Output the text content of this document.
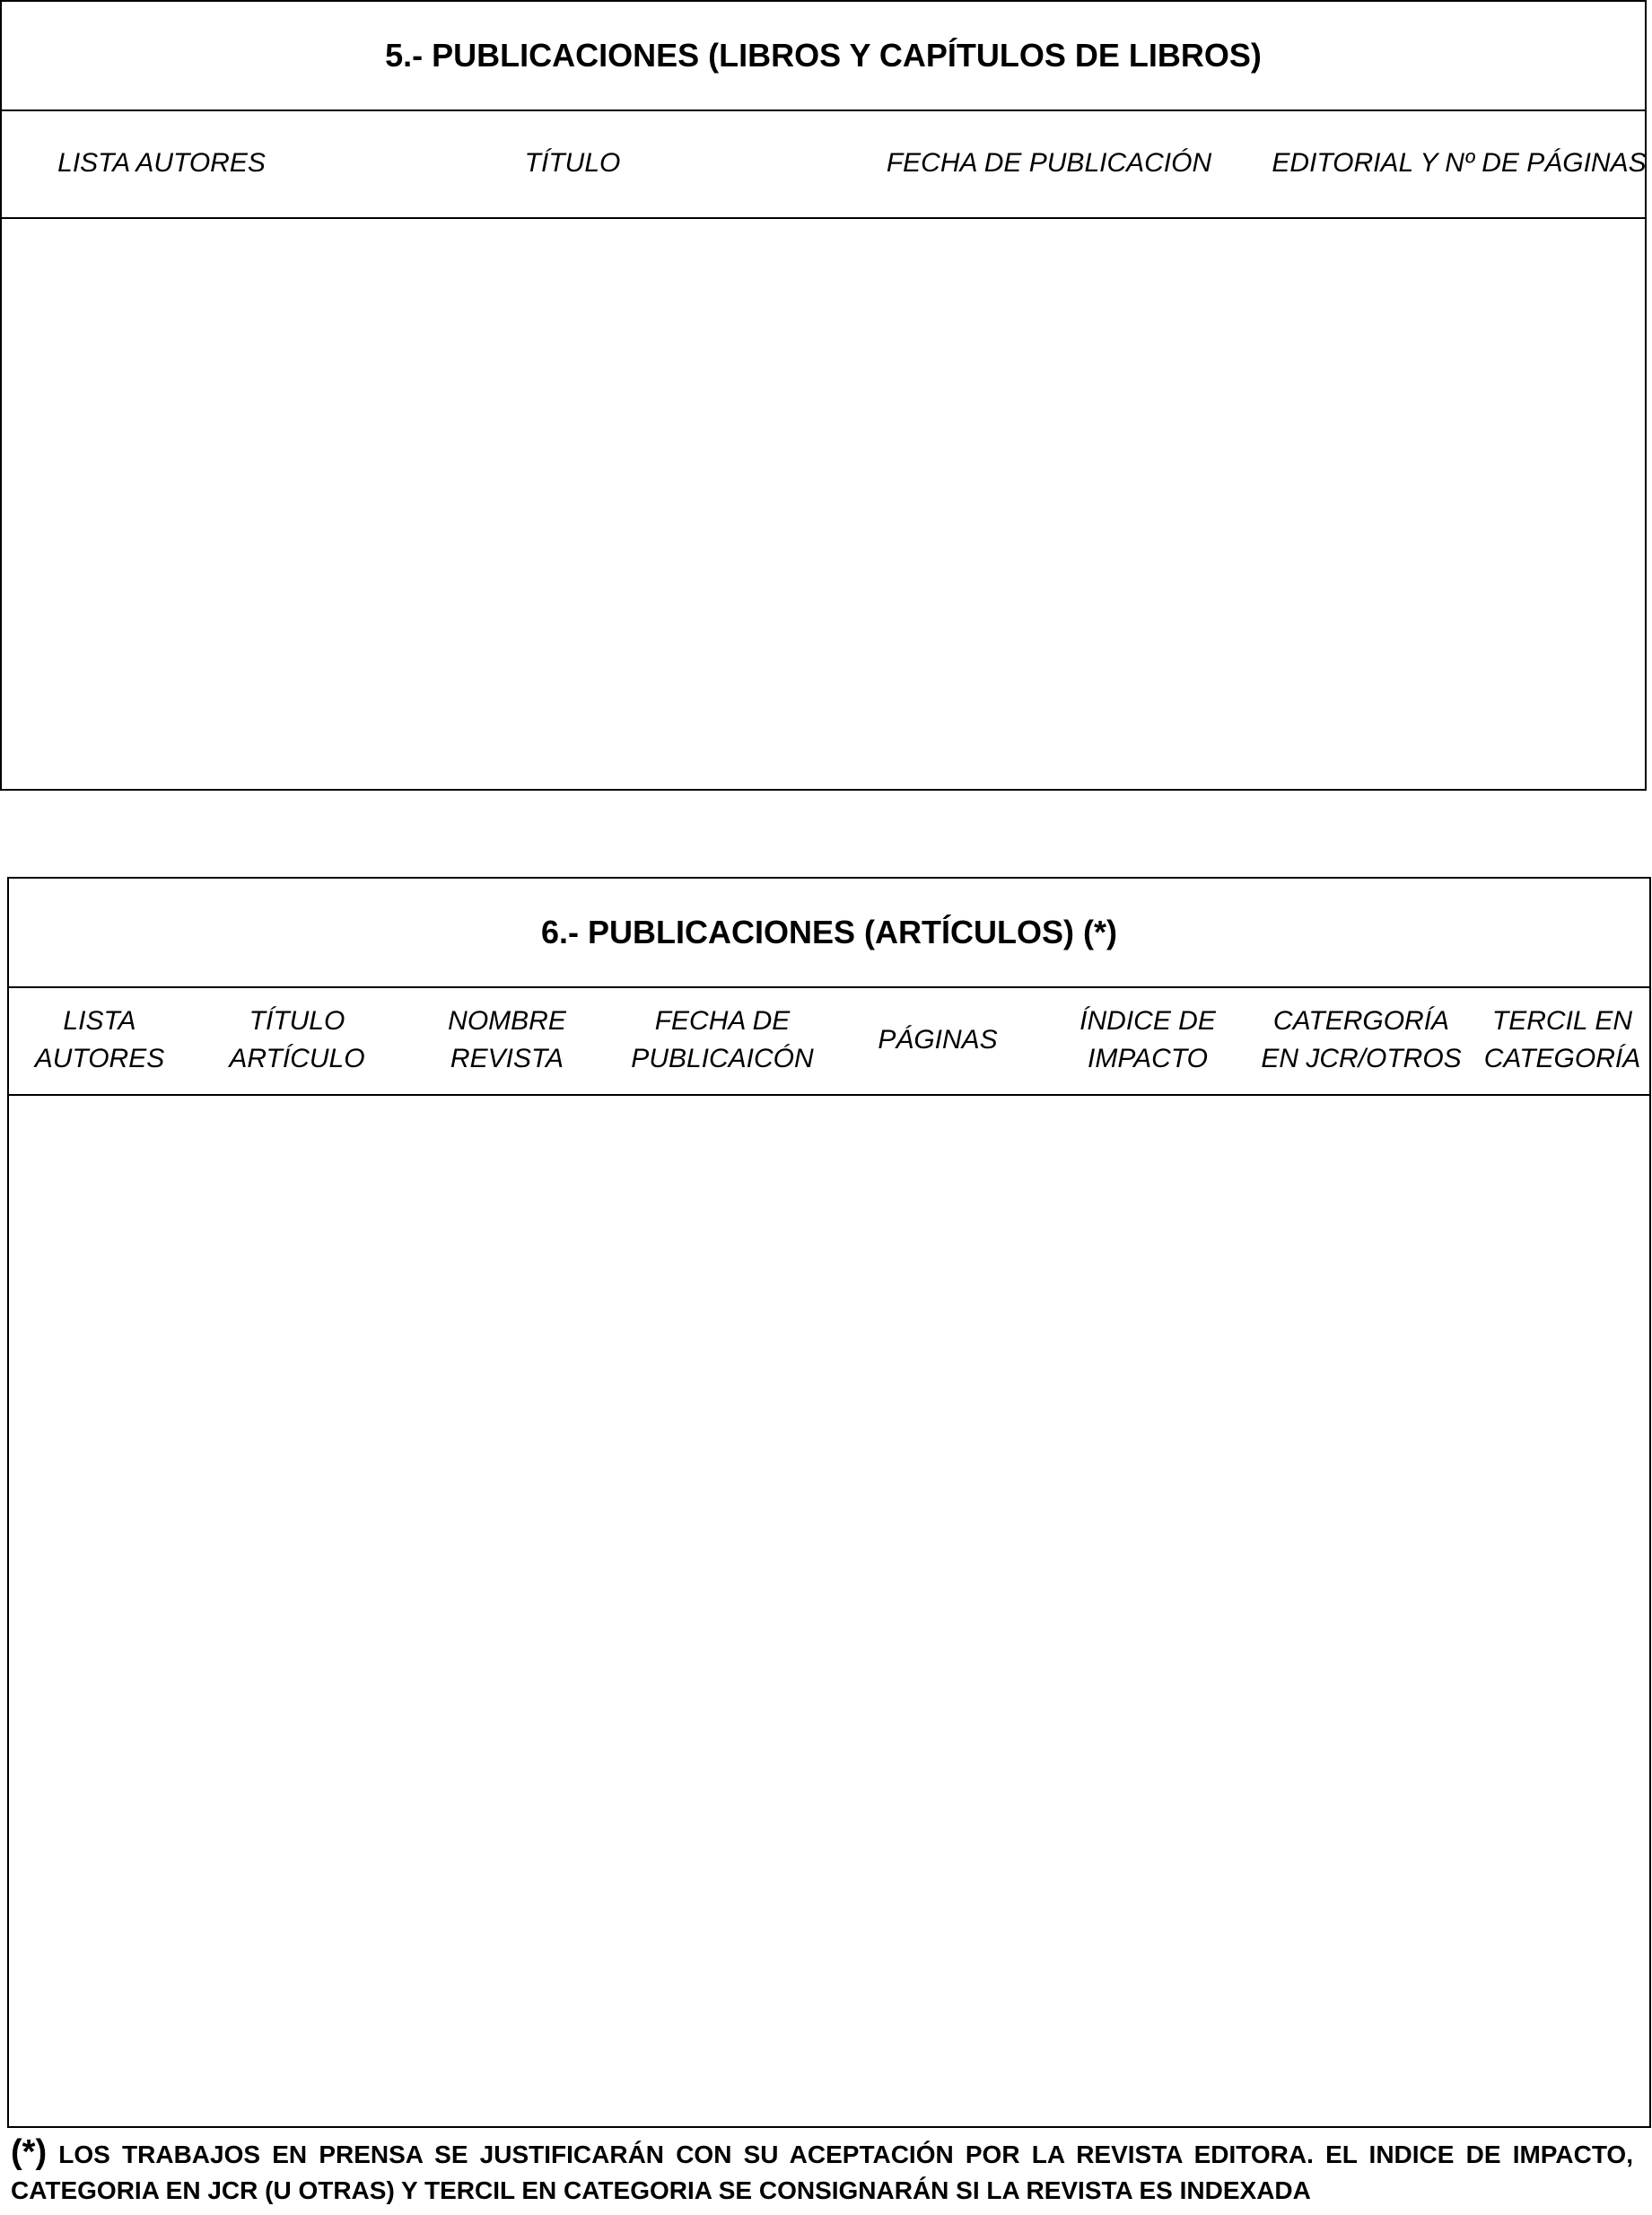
5.- PUBLICACIONES (LIBROS Y CAPÍTULOS DE LIBROS)
LISTA AUTORES	TÍTULO	FECHA DE PUBLICACIÓN EDITORIAL Y Nº DE PÁGINAS
6.- PUBLICACIONES (ARTÍCULOS) (*)
LISTA
AUTORES
TÍTULO
ARTÍCULO
NOMBRE
REVISTA
FECHA DE
PUBLICAICÓN
PÁGINAS
ÍNDICE DE
IMPACTO
CATERGORÍA
EN JCR/OTROS
TERCIL EN
CATEGORÍA
(*) LOS TRABAJOS EN PRENSA SE JUSTIFICARÁN CON SU ACEPTACIÓN POR LA REVISTA EDITORA. EL INDICE DE IMPACTO, CATEGORIA EN JCR (U OTRAS) Y TERCIL EN CATEGORIA SE CONSIGNARÁN SI LA REVISTA ES INDEXADA
